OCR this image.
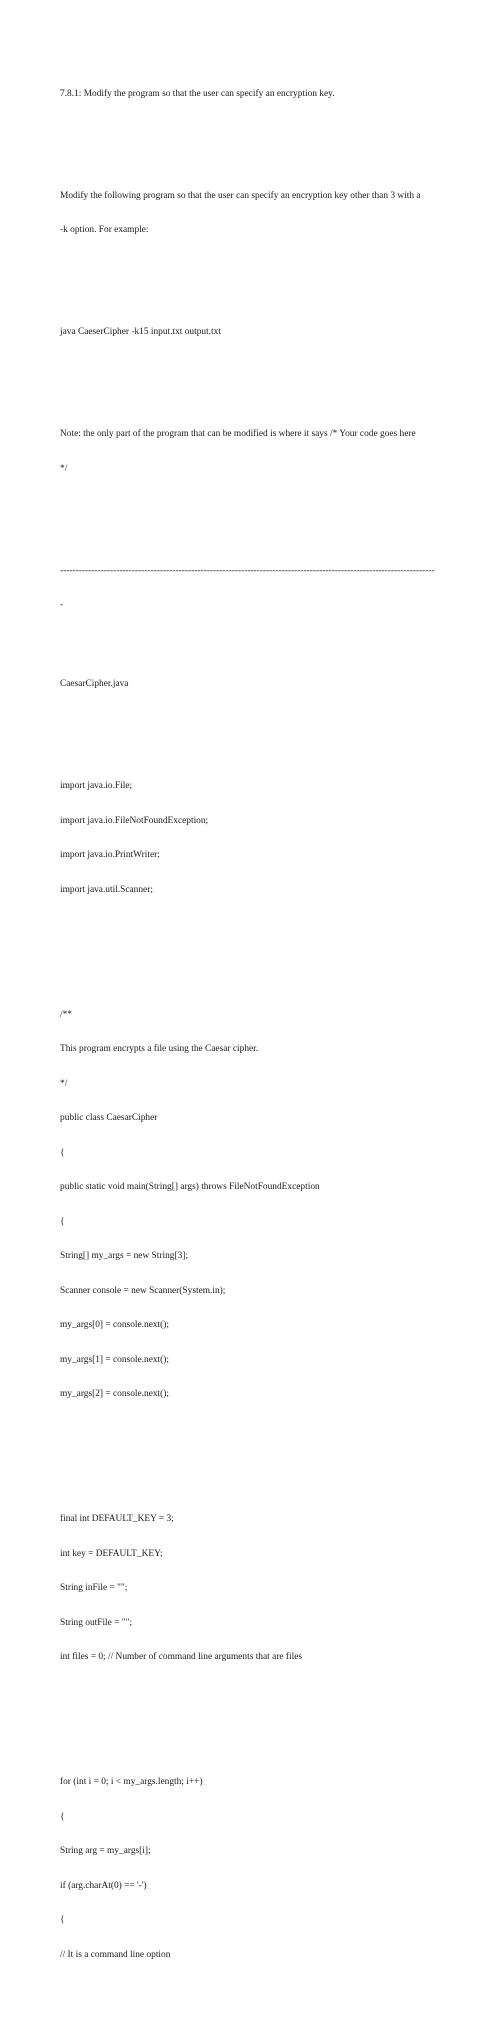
7.8.1: Modify the program so that the user can specify an encryption key.

Modify the following program so that the user can specify an encryption key other than 3 with a

-k option. For example:

java CaeserCipher -k15 input.txt output.txt

Note: the only part of the program that can be modified is where it says /* Your code goes here

*/

------------------------------------------------------------------------------------------------------------------------

-

CaesarCipher.java

import java.io.File;

import java.io.FileNotFoundException;

import java.io.PrintWriter;

import java.util.Scanner;

/**

This program encrypts a file using the Caesar cipher.

*/

public class CaesarCipher

{

public static void main(String[] args) throws FileNotFoundException

{

String[] my_args = new String[3];

Scanner console = new Scanner(System.in);

my_args[0] = console.next();

my_args[1] = console.next();

my_args[2] = console.next();

final int DEFAULT_KEY = 3;

int key = DEFAULT_KEY;

String inFile = "";

String outFile = "";

int files = 0; // Number of command line arguments that are files

for (int i = 0; i < my_args.length; i++)

{

String arg = my_args[i];

if (arg.charAt(0) == '-')

{

// It is a command line option
